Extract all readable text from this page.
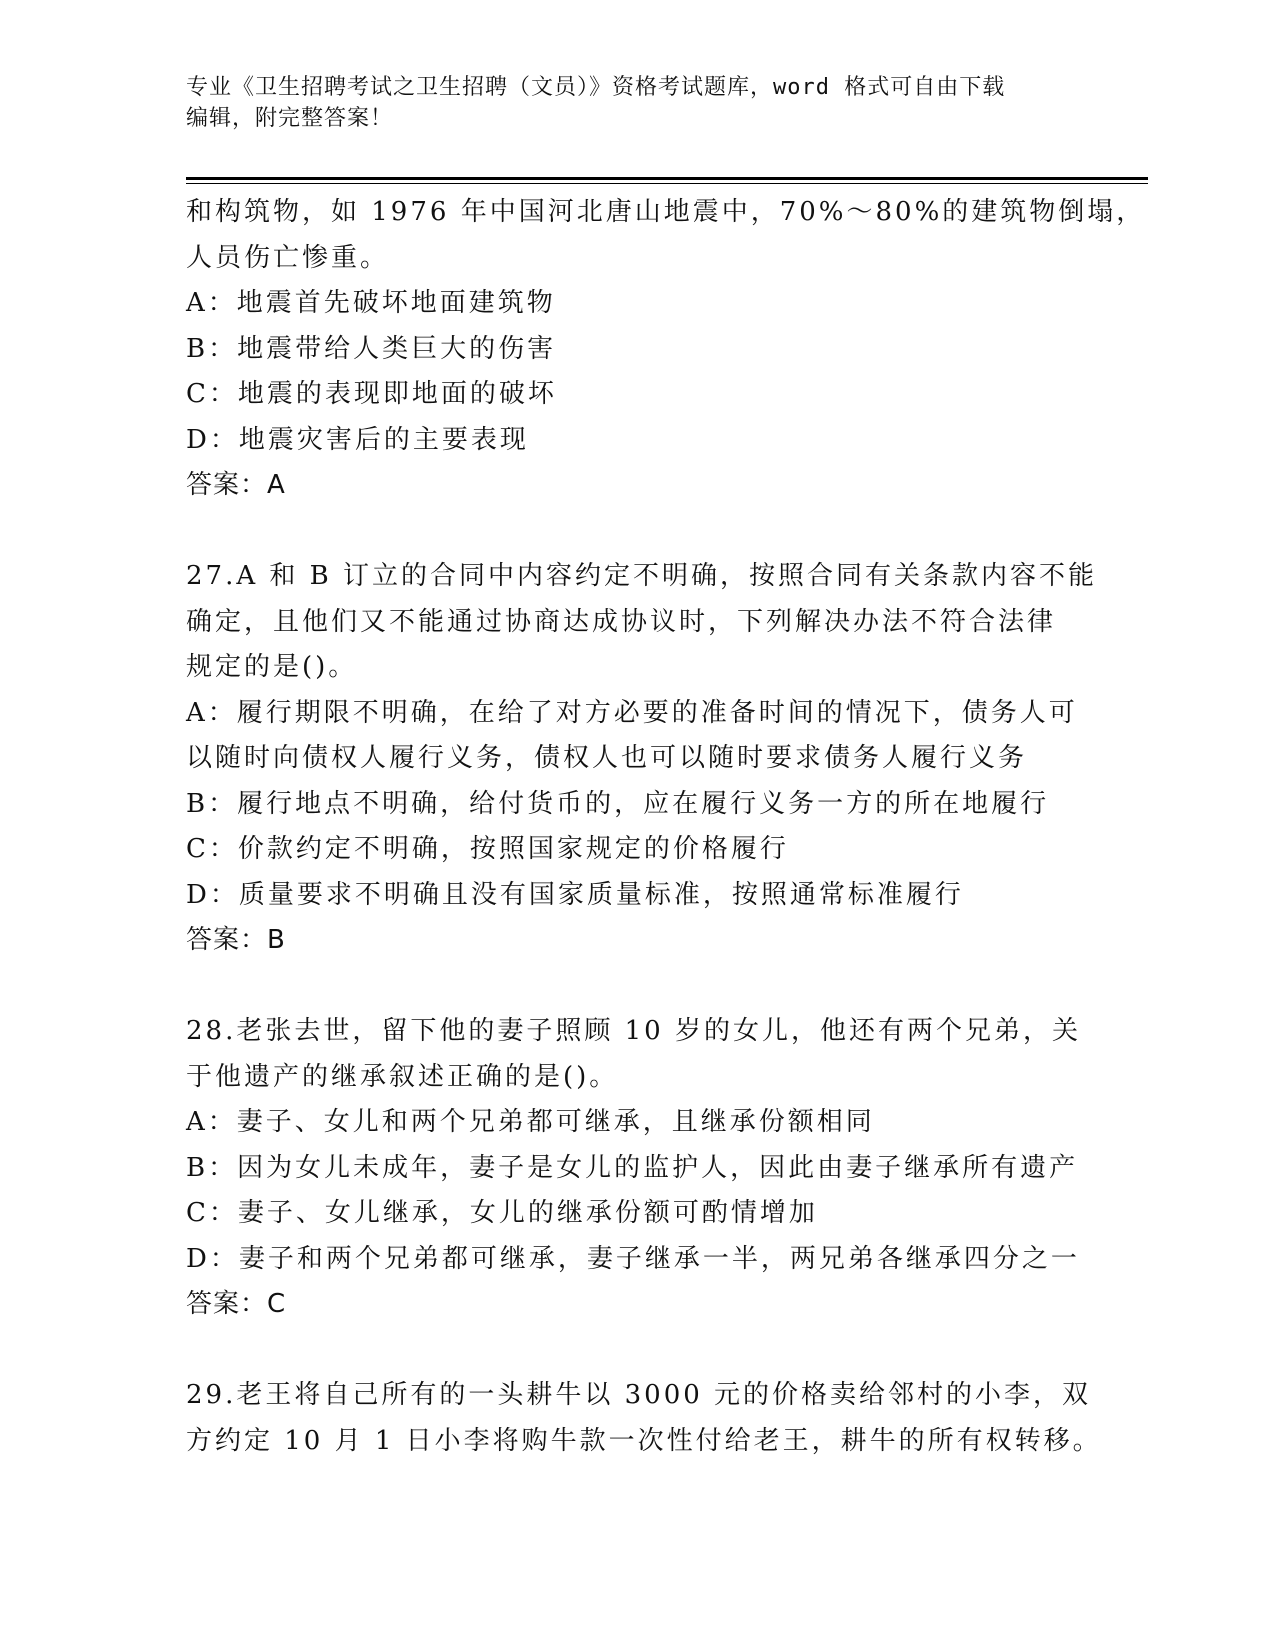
专业《卫生招聘考试之卫生招聘（文员）》资格考试题库，word 格式可自由下载
编辑，附完整答案！
和构筑物，如 1976 年中国河北唐山地震中，70%～80%的建筑物倒塌，
人员伤亡惨重。
A：地震首先破坏地面建筑物
B：地震带给人类巨大的伤害
C：地震的表现即地面的破坏
D：地震灾害后的主要表现
答案：A
27.A 和 B 订立的合同中内容约定不明确，按照合同有关条款内容不能
确定，且他们又不能通过协商达成协议时，下列解决办法不符合法律
规定的是()。
A：履行期限不明确，在给了对方必要的准备时间的情况下，债务人可
以随时向债权人履行义务，债权人也可以随时要求债务人履行义务
B：履行地点不明确，给付货币的，应在履行义务一方的所在地履行
C：价款约定不明确，按照国家规定的价格履行
D：质量要求不明确且没有国家质量标准，按照通常标准履行
答案：B
28.老张去世，留下他的妻子照顾 10 岁的女儿，他还有两个兄弟，关
于他遗产的继承叙述正确的是()。
A：妻子、女儿和两个兄弟都可继承，且继承份额相同
B：因为女儿未成年，妻子是女儿的监护人，因此由妻子继承所有遗产
C：妻子、女儿继承，女儿的继承份额可酌情增加
D：妻子和两个兄弟都可继承，妻子继承一半，两兄弟各继承四分之一
答案：C
29.老王将自己所有的一头耕牛以 3000 元的价格卖给邻村的小李，双
方约定 10 月 1 日小李将购牛款一次性付给老王，耕牛的所有权转移。
